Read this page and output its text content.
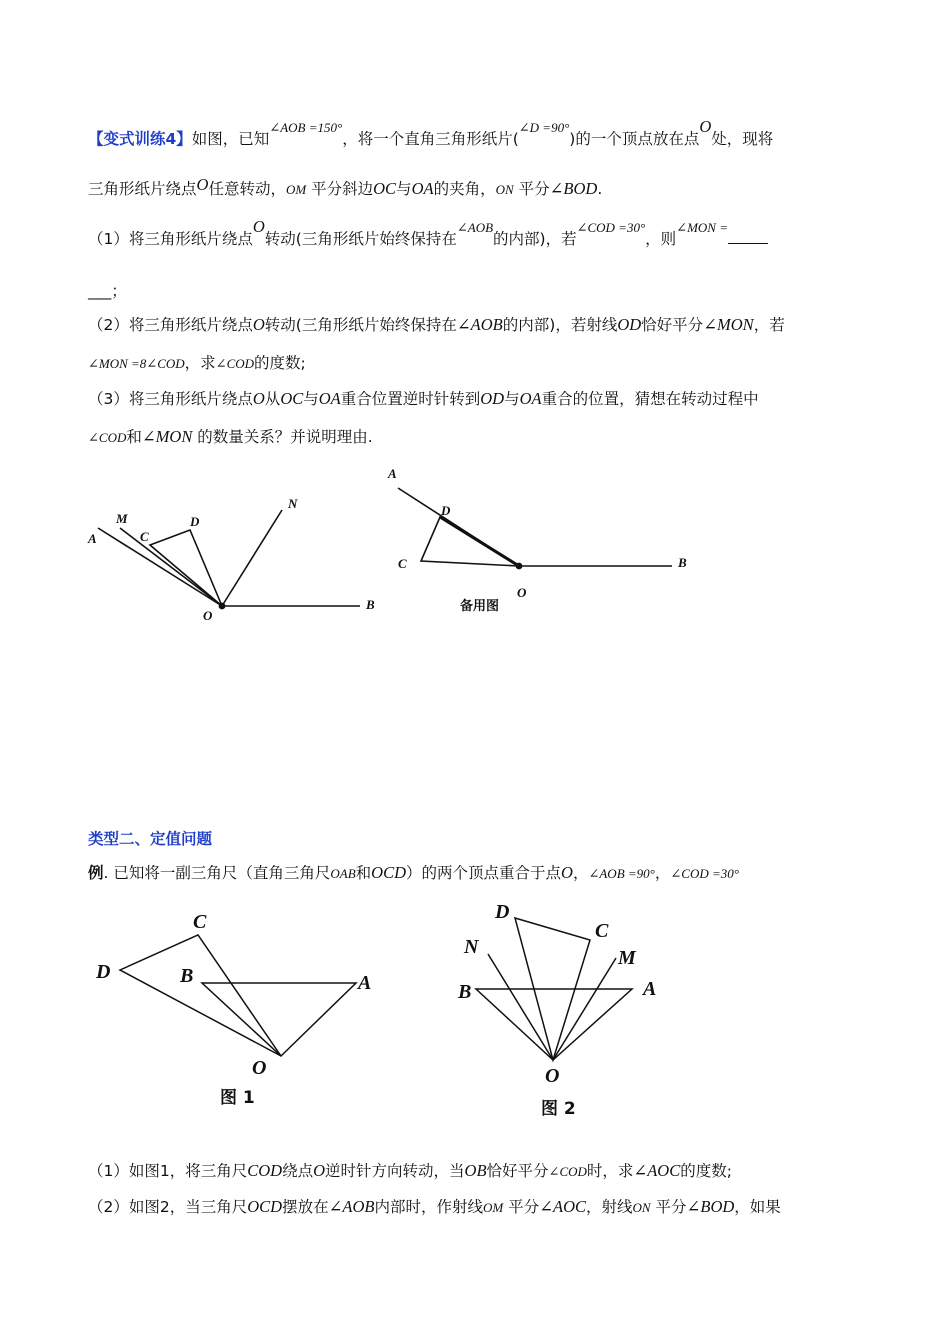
【变式训练4】如图，已知$^{\angle AOB =150^\circ}$，将一个直角三角形纸片($^{\angle D =90^\circ}$)的一个顶点放在点O处，现将
三角形纸片绕点O任意转动，OM 平分斜边OC与OA的夹角，ON 平分∠BOD.
（1）将三角形纸片绕点O转动(三角形纸片始终保持在$^{\angle AOB}$的内部)，若$^{\angle COD =30^\circ}$，则$^{\angle MON =}$
___；
（2）将三角形纸片绕点O转动(三角形纸片始终保持在∠AOB的内部)，若射线OD恰好平分∠MON，若
∠MON =8∠COD，求∠COD的度数;
（3）将三角形纸片绕点O从OC与OA重合位置逆时针转到OD与OA重合的位置，猜想在转动过程中
∠COD和∠MON 的数量关系？并说明理由.
A
M
C
D
N
O
B
A
D
C
O
B
备用图
C
D	B	A
O
图 1
D
C
N	M
B	A
O
图 2
类型二、定值问题
例. 已知将一副三角尺（直角三角尺OAB和OCD）的两个顶点重合于点O，∠AOB =90°，∠COD =30°
（1）如图1，将三角尺COD绕点O逆时针方向转动，当OB恰好平分∠COD时，求∠AOC的度数;
（2）如图2，当三角尺OCD摆放在∠AOB内部时，作射线OM 平分∠AOC，射线ON 平分∠BOD，如果
